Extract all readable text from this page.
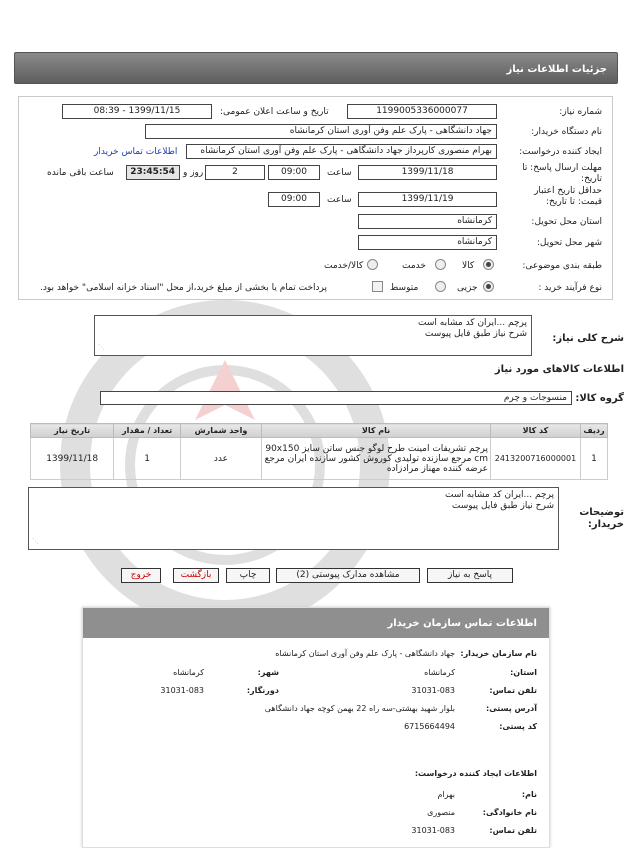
جزئیات اطلاعات نیاز
شماره نیاز:
1199005336000077
تاریخ و ساعت اعلان عمومی:
1399/11/15 - 08:39
نام دستگاه خریدار:
جهاد دانشگاهی - پارک علم وفن آوری استان کرمانشاه
ایجاد کننده درخواست:
بهرام منصوری کارپرداز جهاد دانشگاهی - پارک علم وفن آوری استان کرمانشاه
اطلاعات تماس خریدار
مهلت ارسال پاسخ: تا
تاریخ:
1399/11/18
ساعت
09:00
2
روز و
23:45:54
ساعت باقی مانده
حداقل تاریخ اعتبار
قیمت: تا تاریخ:
1399/11/19
ساعت
09:00
استان محل تحویل:
کرمانشاه
شهر محل تحویل:
کرمانشاه
طبقه بندی موضوعی:
کالا
خدمت
کالا/خدمت
نوع فرآیند خرید :
جزیی
متوسط
پرداخت تمام یا بخشی از مبلغ خرید،از محل "اسناد خزانه اسلامی" خواهد بود.
شرح کلی نیاز:
پرچم ...ایران کد مشابه است
شرح نیاز طبق فایل پیوست
⋰
اطلاعات کالاهای مورد نیاز
گروه کالا:
منسوجات و چرم
ردیف	کد کالا	نام کالا	واحد شمارش	تعداد / مقدار	تاریخ نیاز
1	2413200716000001	پرچم تشریفات امینت طرح لوگو جنس ساتن سایز 90x150 cm مرجع سازنده تولیدی کوروش کشور سازنده ایران مرجع عرضه کننده مهناز مرادزاده	عدد	1	1399/11/18
توضیحات خریدار:
پرچم ...ایران کد مشابه است
شرح نیاز طبق فایل پیوست
⋰
پاسخ به نیاز
مشاهده مدارک پیوستی (2)
چاپ
بازگشت
خروج
اطلاعات تماس سازمان خریدار
نام سازمان خریدار:
جهاد دانشگاهی - پارک علم وفن آوری استان کرمانشاه
استان:
کرمانشاه
شهر:
کرمانشاه
تلفن تماس:
31031-083
دورنگار:
31031-083
آدرس پستی:
بلوار شهید بهشتی-سه راه 22 بهمن کوچه جهاد دانشگاهی
کد پستی:
6715664494
اطلاعات ایجاد کننده درخواست:
نام:
بهرام
نام خانوادگی:
منصوری
تلفن تماس:
31031-083
